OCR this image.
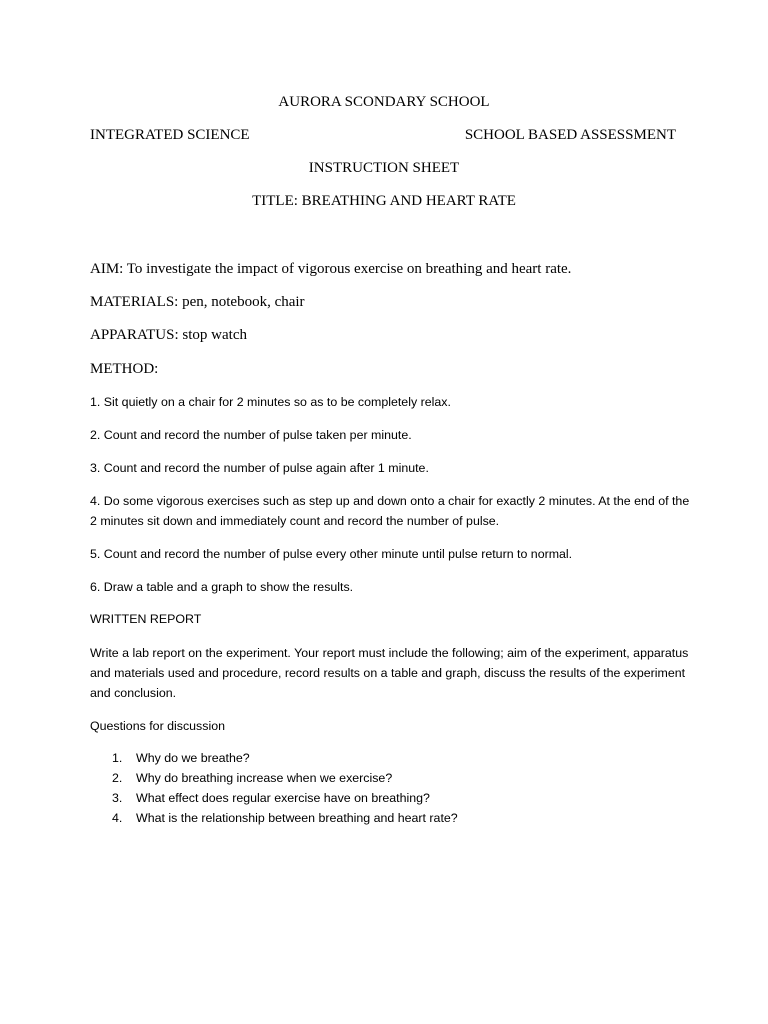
AURORA SCONDARY SCHOOL

INTEGRATED SCIENCE	SCHOOL BASED ASSESSMENT

INSTRUCTION SHEET

TITLE: BREATHING AND HEART RATE

AIM: To investigate the impact of vigorous exercise on breathing and heart rate.

MATERIALS: pen, notebook, chair

APPARATUS: stop watch

METHOD:

1. Sit quietly on a chair for 2 minutes so as to be completely relax.

2. Count and record the number of pulse taken per minute.

3. Count and record the number of pulse again after 1 minute.

4. Do some vigorous exercises such as step up and down onto a chair for exactly 2 minutes. At the end of the 2 minutes sit down and immediately count and record the number of pulse.

5. Count and record the number of pulse every other minute until pulse return to normal.

6. Draw a table and a graph to show the results.

WRITTEN REPORT

Write a lab report on the experiment. Your report must include the following; aim of the experiment, apparatus and materials used and procedure, record results on a table and graph, discuss the results of the experiment and conclusion.

Questions for discussion

1. Why do we breathe?
2. Why do breathing increase when we exercise?
3. What effect does regular exercise have on breathing?
4. What is the relationship between breathing and heart rate?
